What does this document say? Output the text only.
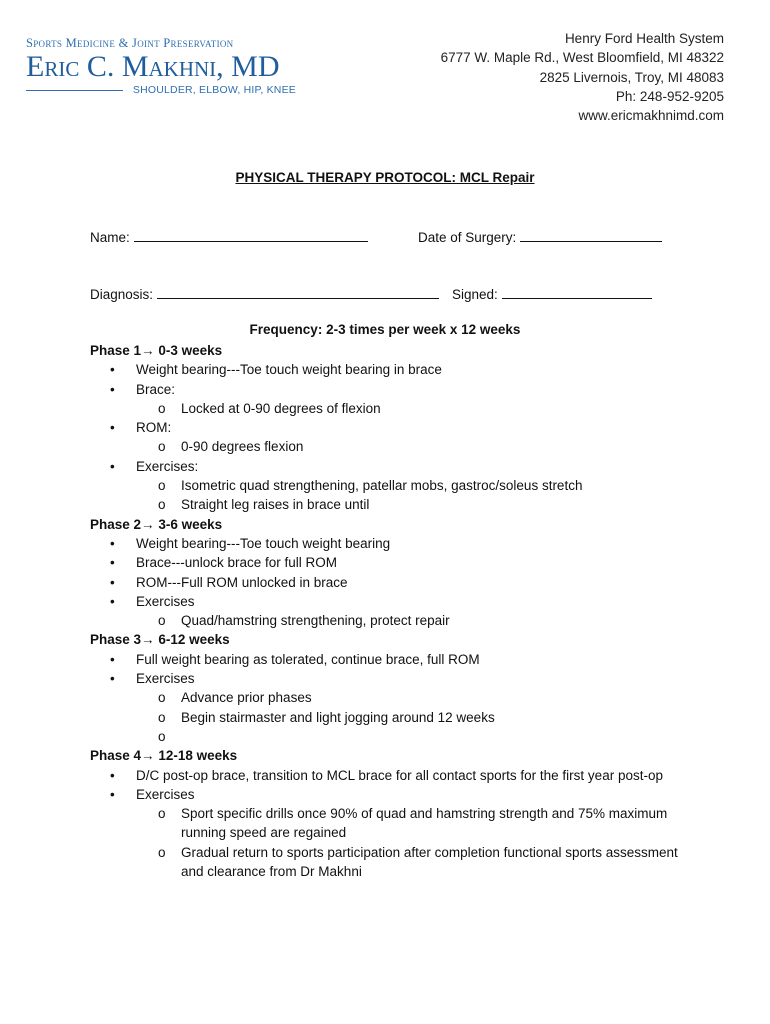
Sports Medicine & Joint Preservation
Eric C. Makhni, MD
SHOULDER, ELBOW, HIP, KNEE
Henry Ford Health System
6777 W. Maple Rd., West Bloomfield, MI 48322
2825 Livernois, Troy, MI 48083
Ph: 248-952-9205
www.ericmakhnimd.com
PHYSICAL THERAPY PROTOCOL: MCL Repair
Name:	Date of Surgery:
Diagnosis:	Signed:
Frequency: 2-3 times per week x 12 weeks
Phase 1→ 0-3 weeks
• Weight bearing---Toe touch weight bearing in brace
• Brace:
o Locked at 0-90 degrees of flexion
• ROM:
o 0-90 degrees flexion
• Exercises:
o Isometric quad strengthening, patellar mobs, gastroc/soleus stretch
o Straight leg raises in brace until
Phase 2→ 3-6 weeks
• Weight bearing---Toe touch weight bearing
• Brace---unlock brace for full ROM
• ROM---Full ROM unlocked in brace
• Exercises
o Quad/hamstring strengthening, protect repair
Phase 3→ 6-12 weeks
• Full weight bearing as tolerated, continue brace, full ROM
• Exercises
o Advance prior phases
o Begin stairmaster and light jogging around 12 weeks
o
Phase 4→ 12-18 weeks
• D/C post-op brace, transition to MCL brace for all contact sports for the first year post-op
• Exercises
o Sport specific drills once 90% of quad and hamstring strength and 75% maximum running speed are regained
o Gradual return to sports participation after completion functional sports assessment and clearance from Dr Makhni
